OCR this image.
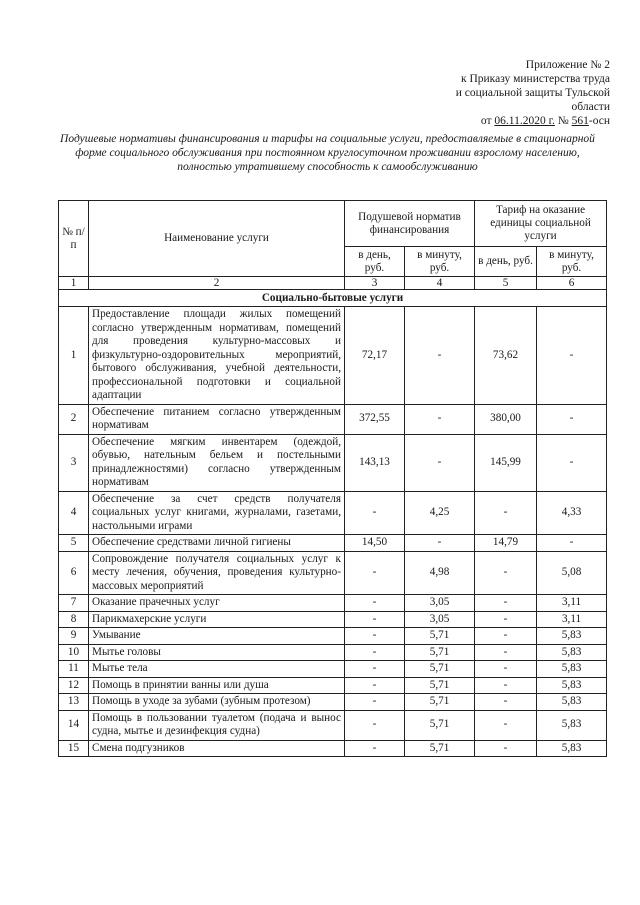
Приложение № 2
к Приказу министерства труда
и социальной защиты Тульской
области
от 06.11.2020 г. № 561-осн
Подушевые нормативы финансирования и тарифы на социальные услуги, предоставляемые в стационарной форме социального обслуживания при постоянном круглосуточном проживании взрослому населению, полностью утратившему способность к самообслуживанию
№ п/п	Наименование услуги	Подушевой норматив финансирования		Тариф на оказание единицы социальной услуги	
		в день, руб.	в минуту, руб.	в день, руб.	в минуту, руб.
1	2	3	4	5	6
Социально-бытовые услуги					
1	Предоставление площади жилых помещений согласно утвержденным нормативам, помещений для проведения культурно-массовых и физкультурно-оздоровительных мероприятий, бытового обслуживания, учебной деятельности, профессиональной подготовки и социальной адаптации	72,17	-	73,62	-
2	Обеспечение питанием согласно утвержденным нормативам	372,55	-	380,00	-
3	Обеспечение мягким инвентарем (одеждой, обувью, нательным бельем и постельными принадлежностями) согласно утвержденным нормативам	143,13	-	145,99	-
4	Обеспечение за счет средств получателя социальных услуг книгами, журналами, газетами, настольными играми	-	4,25	-	4,33
5	Обеспечение средствами личной гигиены	14,50	-	14,79	-
6	Сопровождение получателя социальных услуг к месту лечения, обучения, проведения культурно-массовых мероприятий	-	4,98	-	5,08
7	Оказание прачечных услуг	-	3,05	-	3,11
8	Парикмахерские услуги	-	3,05	-	3,11
9	Умывание	-	5,71	-	5,83
10	Мытье головы	-	5,71	-	5,83
11	Мытье тела	-	5,71	-	5,83
12	Помощь в принятии ванны или душа	-	5,71	-	5,83
13	Помощь в уходе за зубами (зубным протезом)	-	5,71	-	5,83
14	Помощь в пользовании туалетом (подача и вынос судна, мытье и дезинфекция судна)	-	5,71	-	5,83
15	Смена подгузников	-	5,71	-	5,83
